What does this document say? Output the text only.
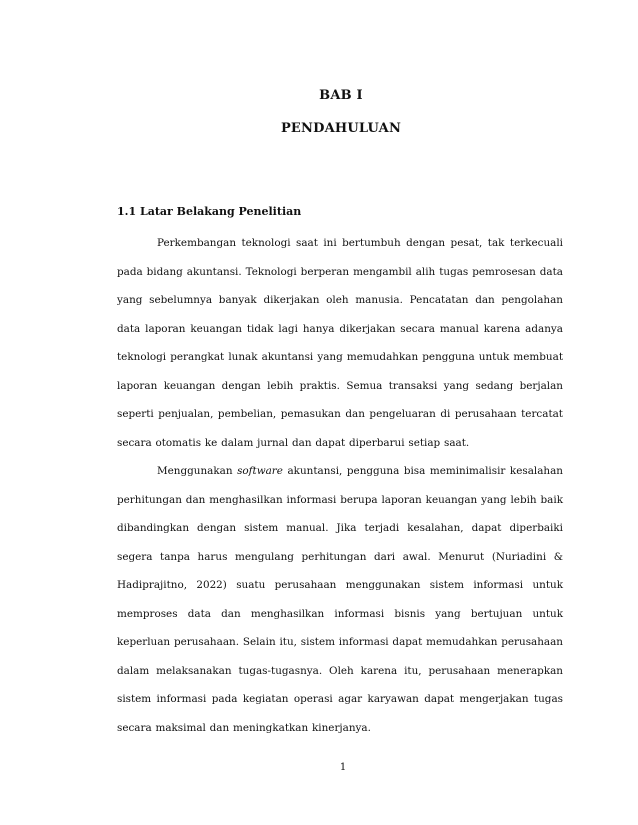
BAB I
PENDAHULUAN
1.1 Latar Belakang Penelitian

Perkembangan teknologi saat ini bertumbuh dengan pesat, tak terkecuali pada bidang akuntansi. Teknologi berperan mengambil alih tugas pemrosesan data yang sebelumnya banyak dikerjakan oleh manusia. Pencatatan dan pengolahan data laporan keuangan tidak lagi hanya dikerjakan secara manual karena adanya teknologi perangkat lunak akuntansi yang memudahkan pengguna untuk membuat laporan keuangan dengan lebih praktis. Semua transaksi yang sedang berjalan seperti penjualan, pembelian, pemasukan dan pengeluaran di perusahaan tercatat secara otomatis ke dalam jurnal dan dapat diperbarui setiap saat.

Menggunakan software akuntansi, pengguna bisa meminimalisir kesalahan perhitungan dan menghasilkan informasi berupa laporan keuangan yang lebih baik dibandingkan dengan sistem manual. Jika terjadi kesalahan, dapat diperbaiki segera tanpa harus mengulang perhitungan dari awal. Menurut (Nuriadini & Hadiprajitno, 2022) suatu perusahaan menggunakan sistem informasi untuk memproses data dan menghasilkan informasi bisnis yang bertujuan untuk keperluan perusahaan. Selain itu, sistem informasi dapat memudahkan perusahaan dalam melaksanakan tugas-tugasnya. Oleh karena itu, perusahaan menerapkan sistem informasi pada kegiatan operasi agar karyawan dapat mengerjakan tugas secara maksimal dan meningkatkan kinerjanya.

1
